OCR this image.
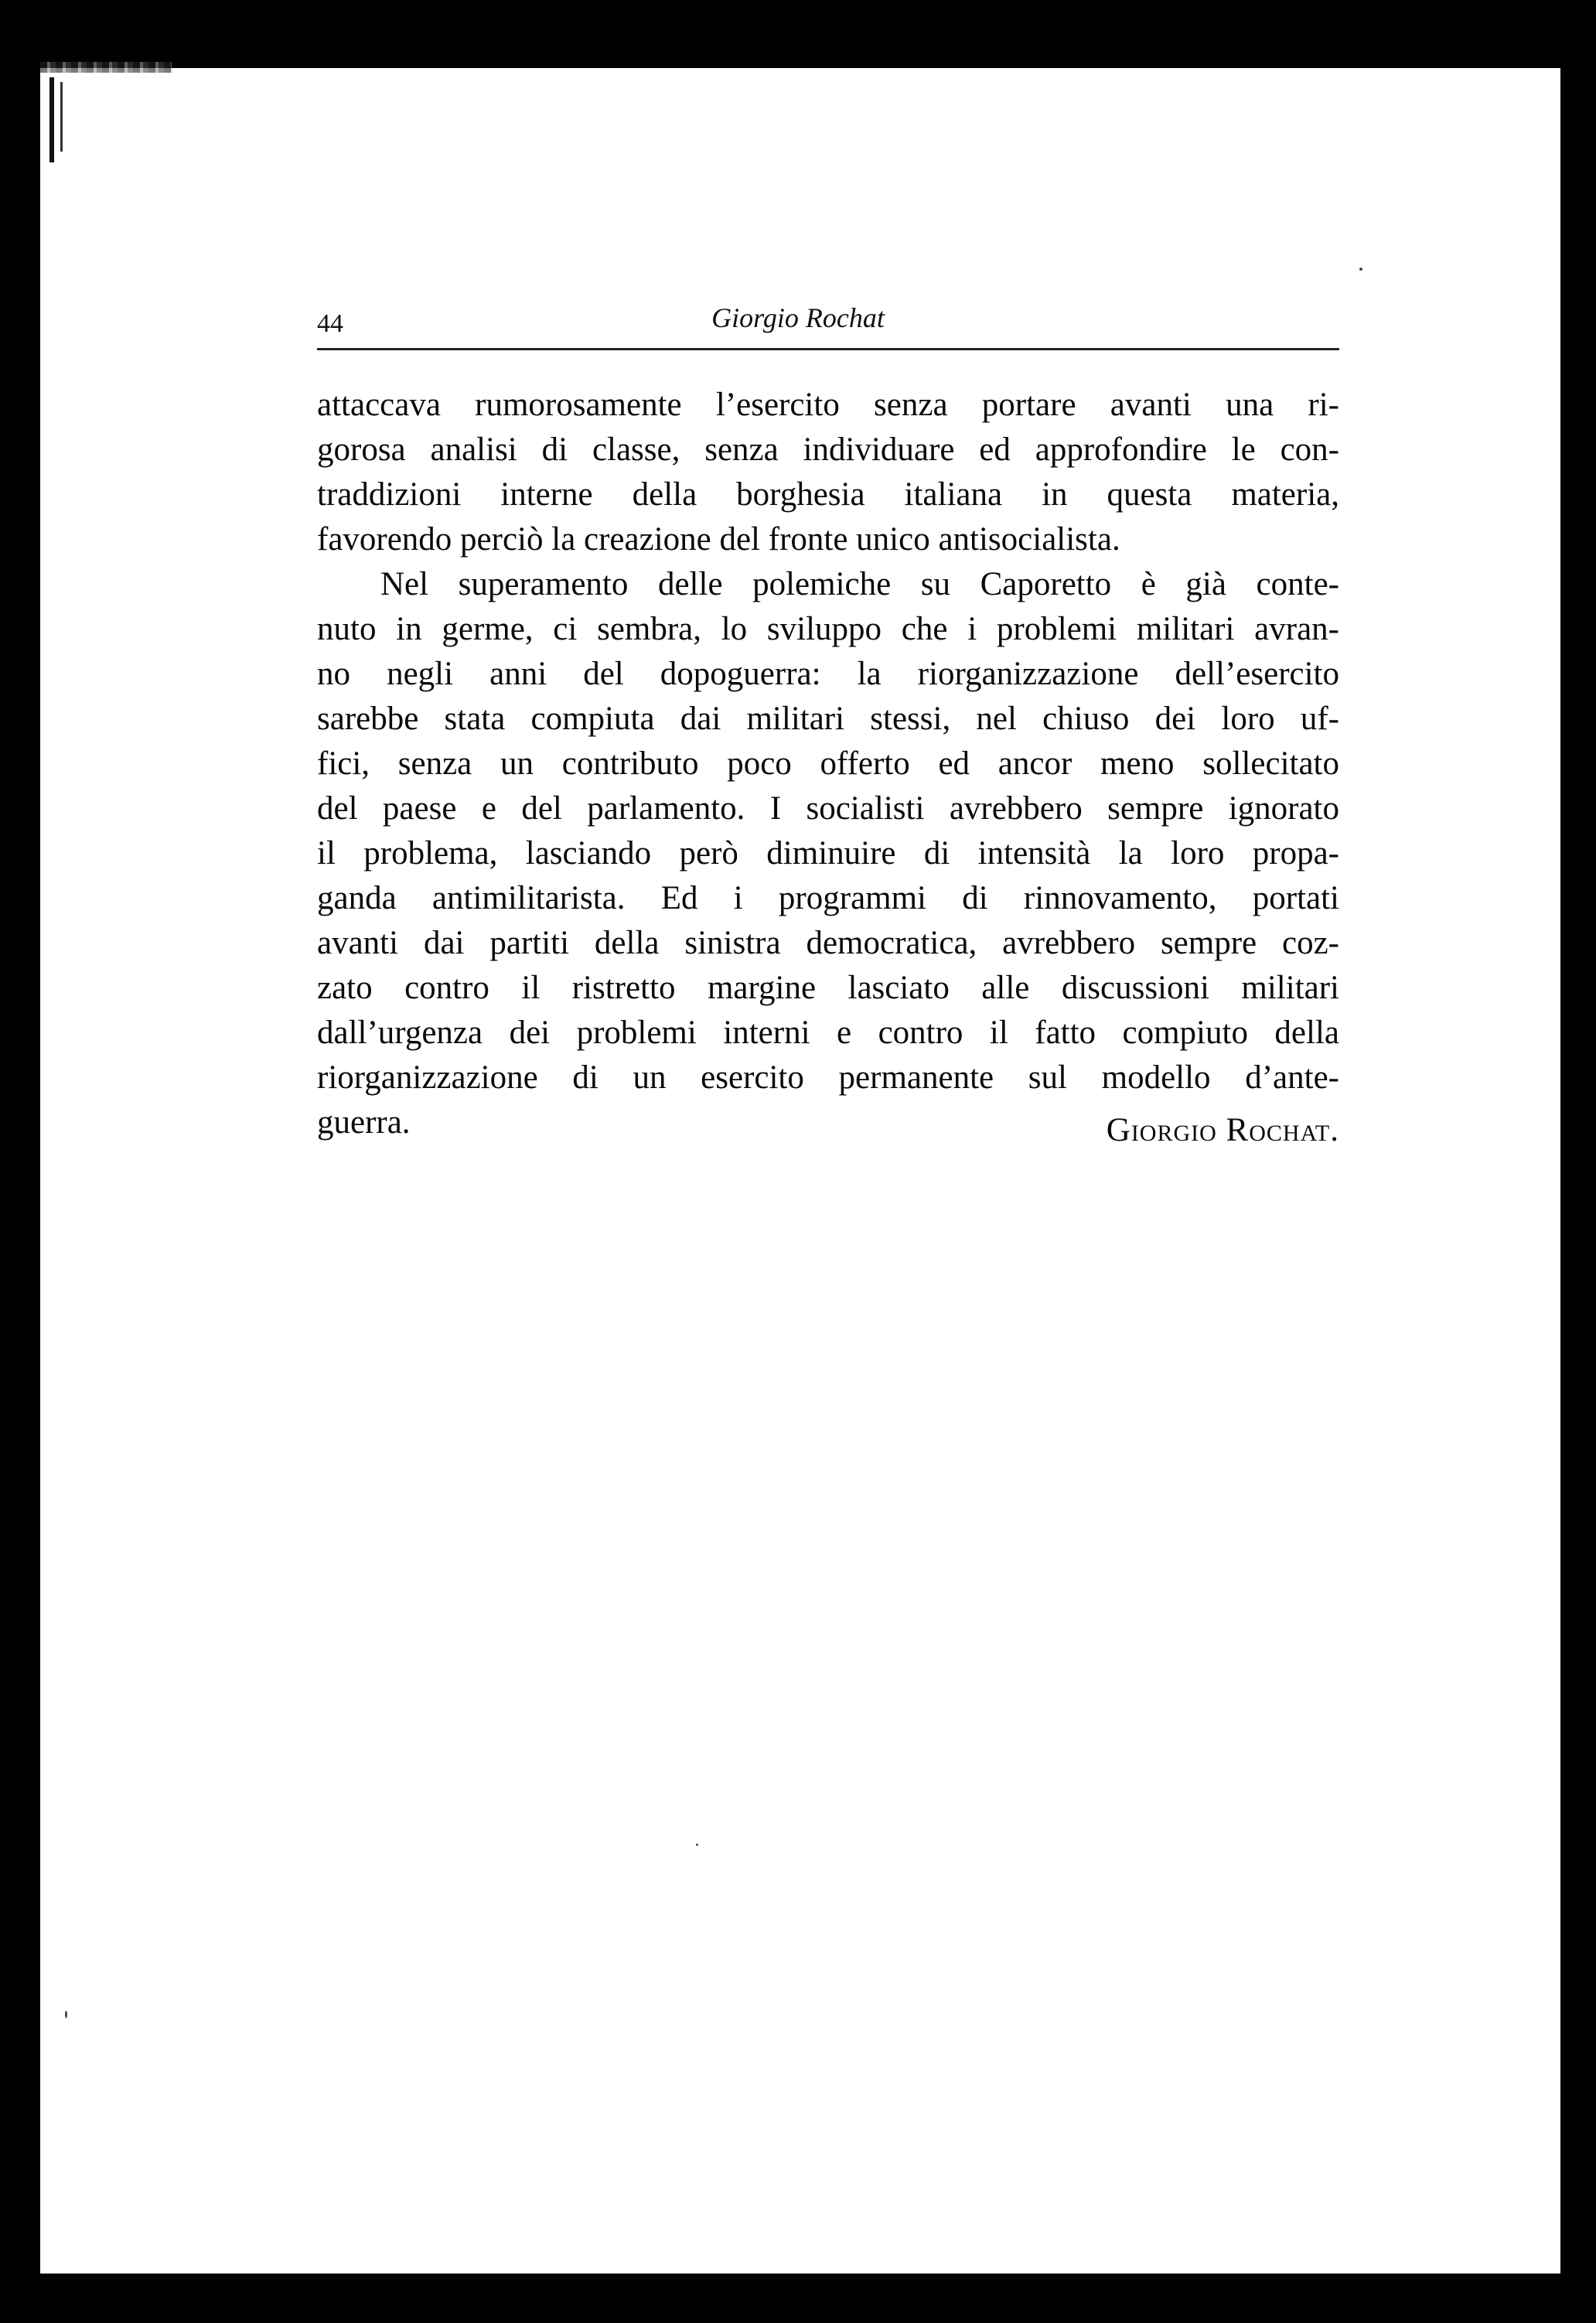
44	Giorgio Rochat
attaccava rumorosamente l’esercito senza portare avanti una ri-
gorosa analisi di classe, senza individuare ed approfondire le con-
traddizioni interne della borghesia italiana in questa materia,
favorendo perciò la creazione del fronte unico antisocialista.
Nel superamento delle polemiche su Caporetto è già conte-
nuto in germe, ci sembra, lo sviluppo che i problemi militari avran-
no negli anni del dopoguerra: la riorganizzazione dell’esercito
sarebbe stata compiuta dai militari stessi, nel chiuso dei loro uf-
fici, senza un contributo poco offerto ed ancor meno sollecitato
del paese e del parlamento. I socialisti avrebbero sempre ignorato
il problema, lasciando però diminuire di intensità la loro propa-
ganda antimilitarista. Ed i programmi di rinnovamento, portati
avanti dai partiti della sinistra democratica, avrebbero sempre coz-
zato contro il ristretto margine lasciato alle discussioni militari
dall’urgenza dei problemi interni e contro il fatto compiuto della
riorganizzazione di un esercito permanente sul modello d’ante-
guerra.	Giorgio Rochat.
